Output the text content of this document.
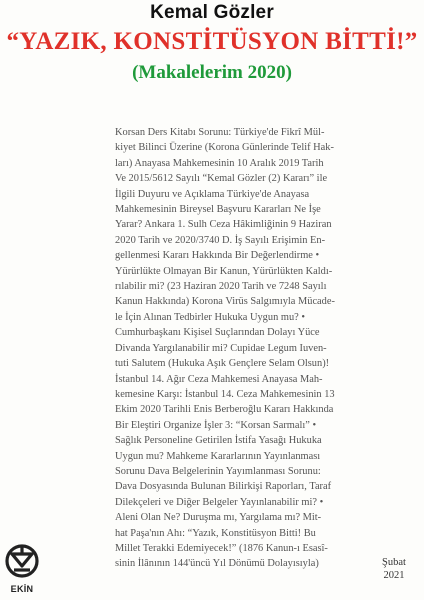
Kemal Gözler
“YAZIK, KONSTİTÜSYON BİTTİ!”
(Makalelerim 2020)
Korsan Ders Kitabı Sorunu: Türkiye'de Fikrî Mül-
kiyet Bilinci Üzerine (Korona Günlerinde Telif Hak-
ları) Anayasa Mahkemesinin 10 Aralık 2019 Tarih
Ve 2015/5612 Sayılı “Kemal Gözler (2) Kararı” ile
İlgili Duyuru ve Açıklama Türkiye'de Anayasa
Mahkemesinin Bireysel Başvuru Kararları Ne İşe
Yarar? Ankara 1. Sulh Ceza Hâkimliğinin 9 Haziran
2020 Tarih ve 2020/3740 D. İş Sayılı Erişimin En-
gellenmesi Kararı Hakkında Bir Değerlendirme •
Yürürlükte Olmayan Bir Kanun, Yürürlükten Kaldı-
rılabilir mi? (23 Haziran 2020 Tarih ve 7248 Sayılı
Kanun Hakkında) Korona Virüs Salgımıyla Mücade-
le İçin Alınan Tedbirler Hukuka Uygun mu? •
Cumhurbaşkanı Kişisel Suçlarından Dolayı Yüce
Divanda Yargılanabilir mi? Cupidae Legum Iuven-
tuti Salutem (Hukuka Aşık Gençlere Selam Olsun)!
İstanbul 14. Ağır Ceza Mahkemesi Anayasa Mah-
kemesine Karşı: İstanbul 14. Ceza Mahkemesinin 13
Ekim 2020 Tarihli Enis Berberoğlu Kararı Hakkında
Bir Eleştiri Organize İşler 3: “Korsan Sarmalı” •
Sağlık Personeline Getirilen İstifa Yasağı Hukuka
Uygun mu? Mahkeme Kararlarının Yayınlanması
Sorunu Dava Belgelerinin Yayımlanması Sorunu:
Dava Dosyasında Bulunan Bilirkişi Raporları, Taraf
Dilekçeleri ve Diğer Belgeler Yayınlanabilir mi? •
Aleni Olan Ne? Duruşma mı, Yargılama mı? Mit-
hat Paşa'nın Ahı: “Yazık, Konstitüsyon Bitti! Bu
Millet Terakki Edemiyecek!” (1876 Kanun-ı Esasî-
sinin İlânının 144'üncü Yıl Dönümü Dolayısıyla)
EKİN
Şubat
2021
